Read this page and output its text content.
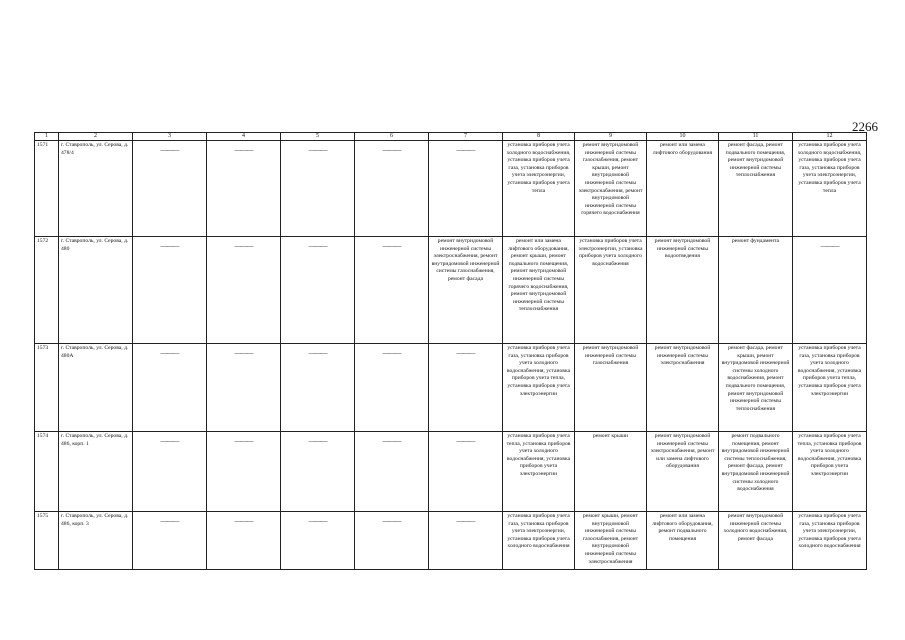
2266
1	2	3	4	5	6	7	8	9	10	11	12
1571	г. Ставрополь, ул. Серова, д. 478/4	———	———	———	———	———	установка приборов учета холодного водоснабжения, установка приборов учета газа, установка приборов учета электроэнергии, установка приборов учета тепла	ремонт внутридомовой инженерной системы газоснабжения, ремонт крыши, ремонт внутридомовой инженерной системы электроснабжения, ремонт внутридомовой инженерной системы горячего водоснабжения	ремонт или замена лифтового оборудования	ремонт фасада, ремонт подвального помещения, ремонт внутридомовой инженерной системы теплоснабжения	установка приборов учета холодного водоснабжения, установка приборов учета газа, установка приборов учета электроэнергии, установка приборов учета тепла
1572	г. Ставрополь, ул. Серова, д. 480	———	———	———	———	ремонт внутридомовой инженерной системы электроснабжения, ремонт внутридомовой инженерной системы газоснабжения, ремонт фасада	ремонт или замена лифтового оборудования, ремонт крыши, ремонт подвального помещения, ремонт внутридомовой инженерной системы горячего водоснабжения, ремонт внутридомовой инженерной системы теплоснабжения	установка приборов учета электроэнергии, установка приборов учета холодного водоснабжения	ремонт внутридомовой инженерной системы водоотведения	ремонт фундамента	———

1573	г. Ставрополь, ул. Серова, д. 480А	———	———	———	———	———	установка приборов учета газа, установка приборов учета холодного водоснабжения, установка приборов учета тепла, установка приборов учета электроэнергии	ремонт внутридомовой инженерной системы газоснабжения	ремонт внутридомовой инженерной системы электроснабжения	ремонт фасада, ремонт крыши, ремонт внутридомовой инженерной системы холодного водоснабжения, ремонт подвального помещения, ремонт внутридомовой инженерной системы теплоснабжения	установка приборов учета газа, установка приборов учета холодного водоснабжения, установка приборов учета тепла, установка приборов учета электроэнергии
1574	г. Ставрополь, ул. Серова, д. 486, корп. 1	———	———	———	———	———	установка приборов учета тепла, установка приборов учета холодного водоснабжения, установка приборов учета электроэнергии	ремонт крыши	ремонт внутридомовой инженерной системы электроснабжения, ремонт или замена лифтового оборудования	ремонт подвального помещения, ремонт внутридомовой инженерной системы теплоснабжения, ремонт фасада, ремонт внутридомовой инженерной системы холодного водоснабжения	установка приборов учета тепла, установка приборов учета холодного водоснабжения, установка приборов учета электроэнергии
1575	г. Ставрополь, ул. Серова, д. 486, корп. 3	———	———	———	———	———	установка приборов учета газа, установка приборов учета электроэнергии, установка приборов учета холодного водоснабжения	ремонт крыши, ремонт внутридомовой инженерной системы газоснабжения, ремонт внутридомовой инженерной системы электроснабжения	ремонт или замена лифтового оборудования, ремонт подвального помещения	ремонт внутридомовой инженерной системы холодного водоснабжения, ремонт фасада	установка приборов учета газа, установка приборов учета электроэнергии, установка приборов учета холодного водоснабжения
